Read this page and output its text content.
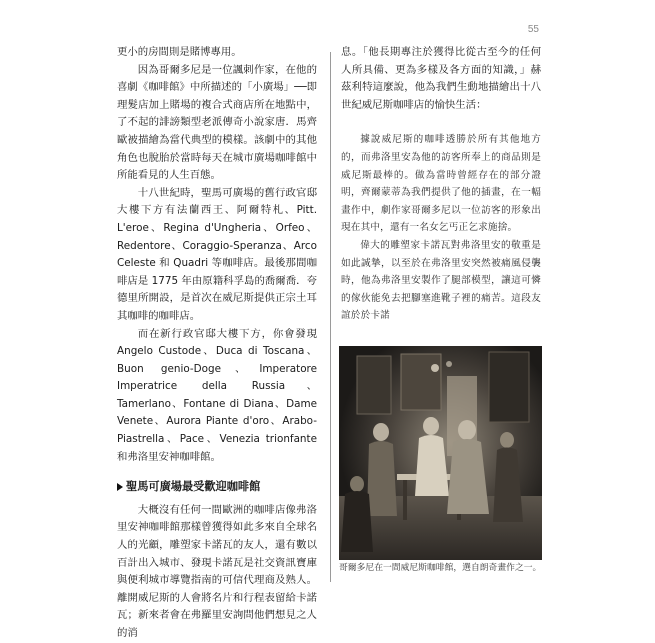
55

更小的房間則是賭博專用。

因為哥爾多尼是一位諷刺作家，在他的喜劇《咖啡館》中所描述的「小廣場」──即理髮店加上賭場的複合式商店所在地點中，了不起的誹謗類型老派傳奇小說家唐．馬齊歐被描繪為當代典型的模樣。該劇中的其他角色也脫胎於當時每天在城市廣場咖啡館中所能看見的人生百態。

十八世紀時，聖馬可廣場的舊行政官邸大樓下方有法蘭西王、阿爾特札、Pitt. L'eroe、Regina d'Ungheria、Orfeo、Redentore、Coraggio-Speranza、Arco Celeste 和 Quadri 等咖啡店。最後那間咖啡店是 1775 年由原籍科孚島的喬爾喬．夸德里所開設，是首次在威尼斯提供正宗土耳其咖啡的咖啡店。

而在新行政官邸大樓下方，你會發現 Angelo Custode、Duca di Toscana、Buon genio-Doge、Imperatore Imperatrice della Russia、Tamerlano、Fontane di Diana、Dame Venete、Aurora Piante d'oro、Arabo-Piastrella、Pace、Venezia trionfante 和弗洛里安神咖啡館。

聖馬可廣場最受歡迎咖啡館

大概沒有任何一間歐洲的咖啡店像弗洛里安神咖啡館那樣曾獲得如此多來自全球名人的光顧，雕塑家卡諾瓦的友人，還有數以百計出入城市、發現卡諾瓦是社交資訊寶庫與便利城市導覽指南的可信代理商及熟人。離開威尼斯的人會將名片和行程表留給卡諾瓦；新來者會在弗羅里安詢問他們想見之人的消

息。「他長期專注於獲得比從古至今的任何人所具備、更為多樣及各方面的知識，」赫茲利特這麼說，他為我們生動地描繪出十八世紀威尼斯咖啡店的愉快生活：

據說威尼斯的咖啡透勝於所有其他地方的，而弗洛里安為他的訪客所奉上的商品則是威尼斯最棒的。做為當時曾經存在的部分證明，齊爾蒙蒂為我們提供了他的插畫，在一幅畫作中，劇作家哥爾多尼以一位訪客的形象出現在其中，還有一名女乞丐正乞求施捨。

偉大的雕塑家卡諾瓦對弗洛里安的敬重是如此誠摯，以至於在弗洛里安突然被痛風侵襲時，他為弗洛里安製作了腿部模型，讓這可憐的傢伙能免去把腳塞進靴子裡的痛苦。這段友誼於於卡諾

哥爾多尼在一間威尼斯咖啡館，選自朗奇畫作之一。
